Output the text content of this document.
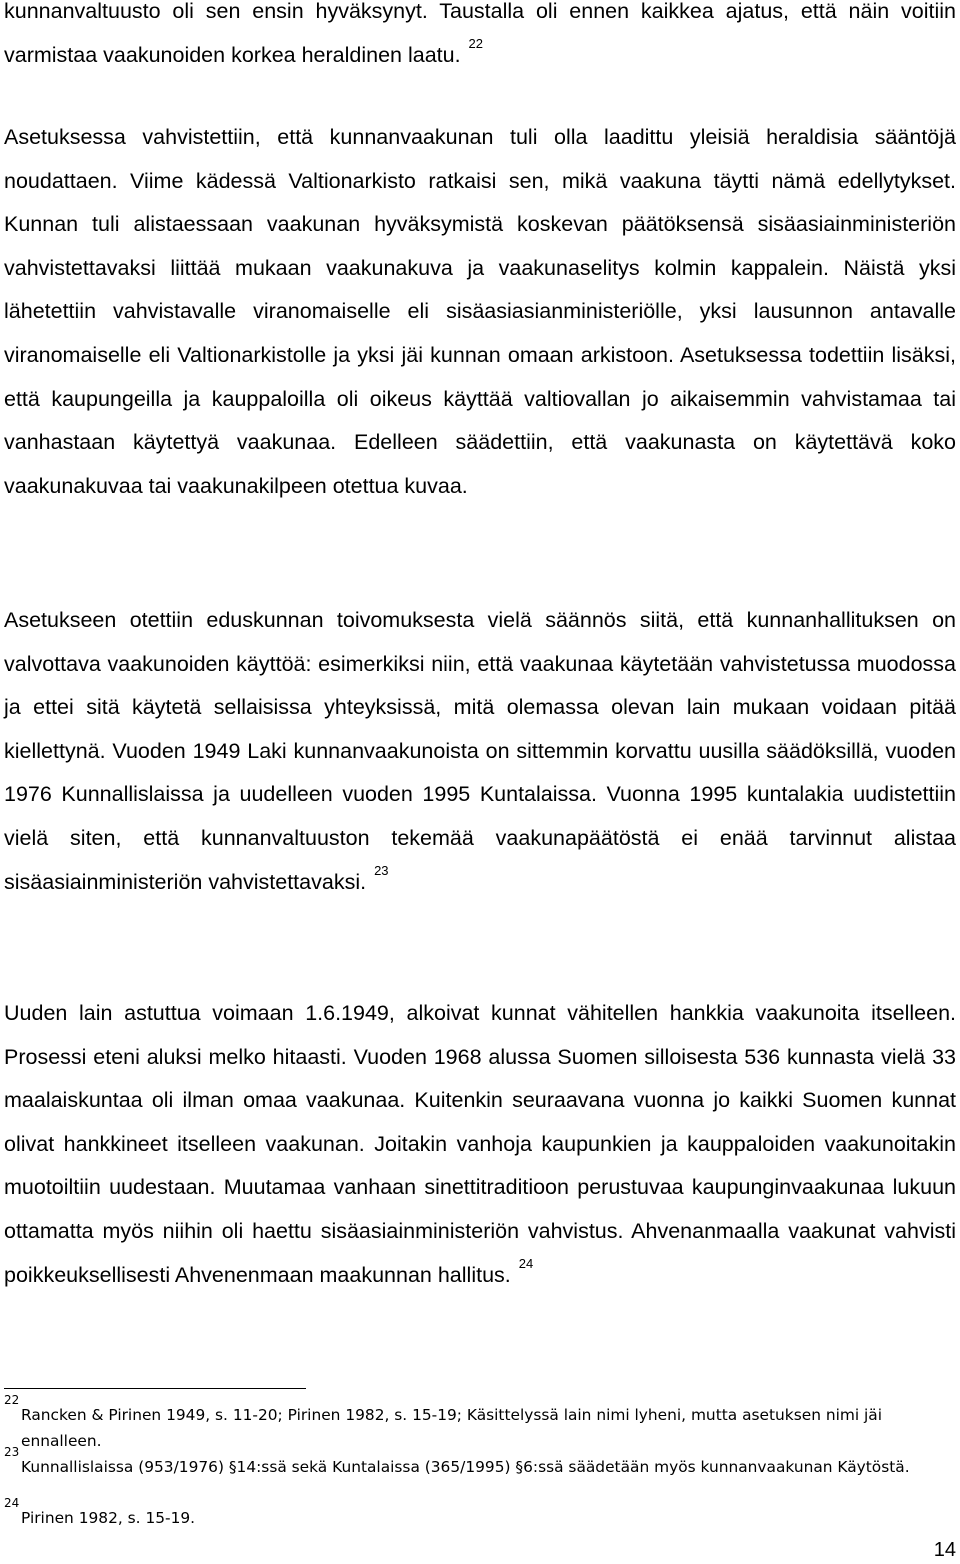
kunnanvaltuusto oli sen ensin hyväksynyt. Taustalla oli ennen kaikkea ajatus, että näin voitiin varmistaa vaakunoiden korkea heraldinen laatu. $^{22}$

Asetuksessa vahvistettiin, että kunnanvaakunan tuli olla laadittu yleisiä heraldisia sääntöjä noudattaen. Viime kädessä Valtionarkisto ratkaisi sen, mikä vaakuna täytti nämä edellytykset. Kunnan tuli alistaessaan vaakunan hyväksymistä koskevan päätöksensä sisäasiainministeriön vahvistettavaksi liittää mukaan vaakunakuva ja vaakunaselitys kolmin kappalein. Näistä yksi lähetettiin vahvistavalle viranomaiselle eli sisäasiasianministeriölle, yksi lausunnon antavalle viranomaiselle eli Valtionarkistolle ja yksi jäi kunnan omaan arkistoon. Asetuksessa todettiin lisäksi, että kaupungeilla ja kauppaloilla oli oikeus käyttää valtiovallan jo aikaisemmin vahvistamaa tai vanhastaan käytettyä vaakunaa. Edelleen säädettiin, että vaakunasta on käytettävä koko vaakunakuvaa tai vaakunakilpeen otettua kuvaa.

Asetukseen otettiin eduskunnan toivomuksesta vielä säännös siitä, että kunnanhallituksen on valvottava vaakunoiden käyttöä: esimerkiksi niin, että vaakunaa käytetään vahvistetussa muodossa ja ettei sitä käytetä sellaisissa yhteyksissä, mitä olemassa olevan lain mukaan voidaan pitää kiellettynä. Vuoden 1949 Laki kunnanvaakunoista on sittemmin korvattu uusilla säädöksillä, vuoden 1976 Kunnallislaissa ja uudelleen vuoden 1995 Kuntalaissa. Vuonna 1995 kuntalakia uudistettiin vielä siten, että kunnanvaltuuston tekemää vaakunapäätöstä ei enää tarvinnut alistaa sisäasiainministeriön vahvistettavaksi. $^{23}$

Uuden lain astuttua voimaan 1.6.1949, alkoivat kunnat vähitellen hankkia vaakunoita itselleen. Prosessi eteni aluksi melko hitaasti. Vuoden 1968 alussa Suomen silloisesta 536 kunnasta vielä 33 maalaiskuntaa oli ilman omaa vaakunaa. Kuitenkin seuraavana vuonna jo kaikki Suomen kunnat olivat hankkineet itselleen vaakunan. Joitakin vanhoja kaupunkien ja kauppaloiden vaakunoitakin muotoiltiin uudestaan. Muutamaa vanhaan sinettitraditioon perustuvaa kaupunginvaakunaa lukuun ottamatta myös niihin oli haettu sisäasiainministeriön vahvistus. Ahvenanmaalla vaakunat vahvisti poikkeuksellisesti Ahvenenmaan maakunnan hallitus. $^{24}$

22
Rancken & Pirinen 1949, s. 11-20; Pirinen 1982, s. 15-19; Käsittelyssä lain nimi lyheni, mutta asetuksen nimi jäi ennalleen.
23
Kunnallislaissa (953/1976) §14:ssä sekä Kuntalaissa (365/1995) §6:ssä säädetään myös kunnanvaakunan Käytöstä.
24
Pirinen 1982, s. 15-19.
14
